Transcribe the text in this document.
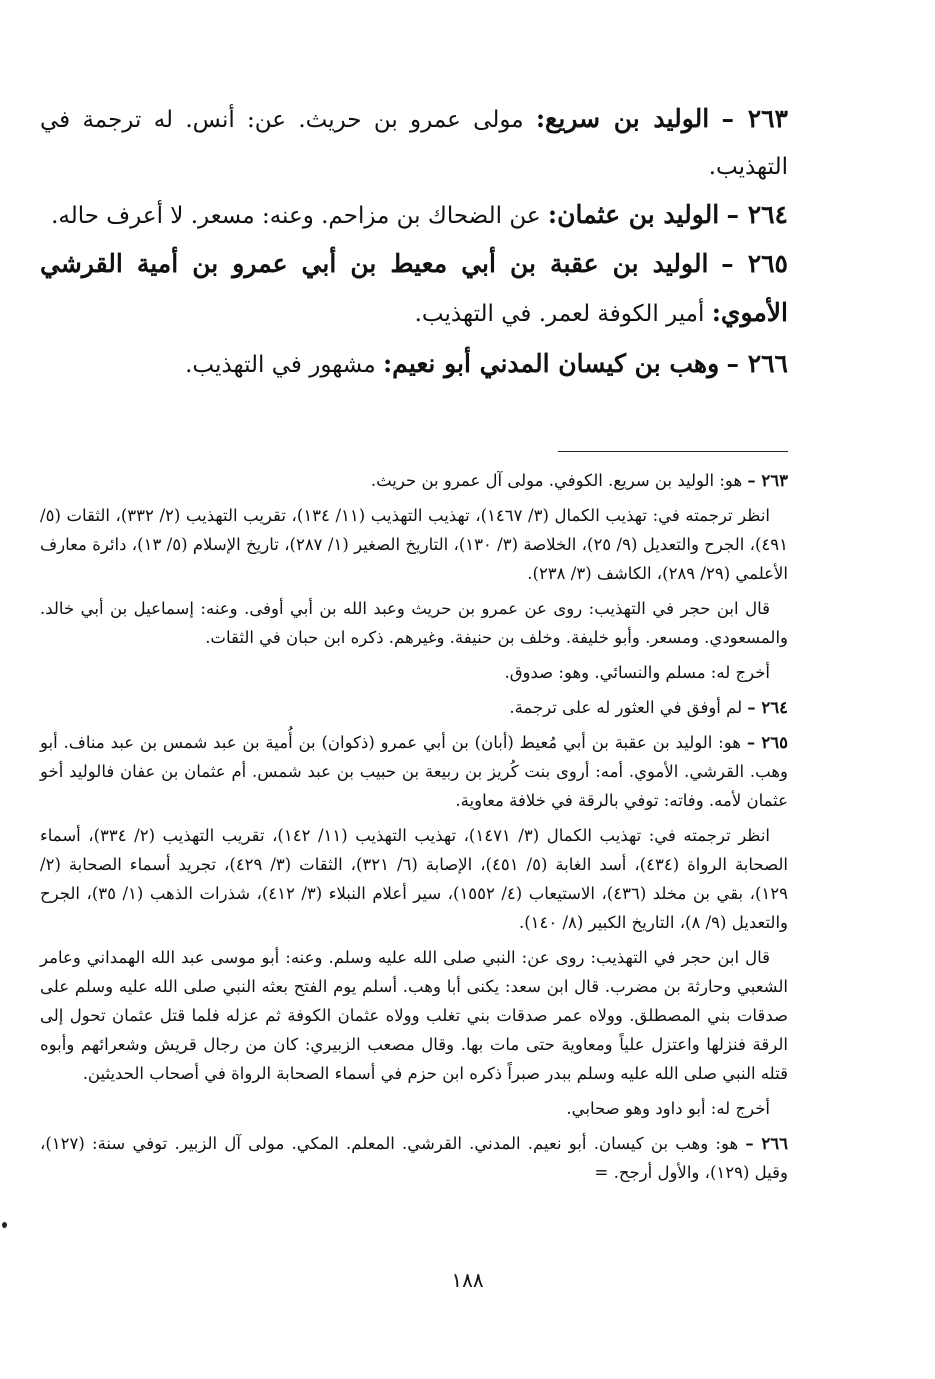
٢٦٣ – الوليد بن سريع: مولى عمرو بن حريث. عن: أنس. له ترجمة في التهذيب.

٢٦٤ – الوليد بن عثمان: عن الضحاك بن مزاحم. وعنه: مسعر. لا أعرف حاله.

٢٦٥ – الوليد بن عقبة بن أبي معيط بن أبي عمرو بن أمية القرشي الأموي: أمير الكوفة لعمر. في التهذيب.

٢٦٦ – وهب بن كيسان المدني أبو نعيم: مشهور في التهذيب.

٢٦٣ – هو: الوليد بن سريع. الكوفي. مولى آل عمرو بن حريث.

انظر ترجمته في: تهذيب الكمال (٣/ ١٤٦٧)، تهذيب التهذيب (١١/ ١٣٤)، تقريب التهذيب (٢/ ٣٣٢)، الثقات (٥/ ٤٩١)، الجرح والتعديل (٩/ ٢٥)، الخلاصة (٣/ ١٣٠)، التاريخ الصغير (١/ ٢٨٧)، تاريخ الإسلام (٥/ ١٣)، دائرة معارف الأعلمي (٢٩/ ٢٨٩)، الكاشف (٣/ ٢٣٨).

قال ابن حجر في التهذيب: روى عن عمرو بن حريث وعبد الله بن أبي أوفى. وعنه: إسماعيل بن أبي خالد. والمسعودي. ومسعر. وأبو خليفة. وخلف بن حنيفة. وغيرهم. ذكره ابن حبان في الثقات.

أخرج له: مسلم والنسائي. وهو: صدوق.

٢٦٤ – لم أوفق في العثور له على ترجمة.

٢٦٥ – هو: الوليد بن عقبة بن أبي مُعيط (أبان) بن أبي عمرو (ذكوان) بن أُمية بن عبد شمس بن عبد مناف. أبو وهب. القرشي. الأموي. أمه: أروى بنت كُريز بن ربيعة بن حبيب بن عبد شمس. أم عثمان بن عفان فالوليد أخو عثمان لأمه. وفاته: توفي بالرقة في خلافة معاوية.

انظر ترجمته في: تهذيب الكمال (٣/ ١٤٧١)، تهذيب التهذيب (١١/ ١٤٢)، تقريب التهذيب (٢/ ٣٣٤)، أسماء الصحابة الرواة (٤٣٤)، أسد الغابة (٥/ ٤٥١)، الإصابة (٦/ ٣٢١)، الثقات (٣/ ٤٢٩)، تجريد أسماء الصحابة (٢/ ١٢٩)، بقي بن مخلد (٤٣٦)، الاستيعاب (٤/ ١٥٥٢)، سير أعلام النبلاء (٣/ ٤١٢)، شذرات الذهب (١/ ٣٥)، الجرح والتعديل (٩/ ٨)، التاريخ الكبير (٨/ ١٤٠).

قال ابن حجر في التهذيب: روى عن: النبي صلى الله عليه وسلم. وعنه: أبو موسى عبد الله الهمداني وعامر الشعبي وحارثة بن مضرب. قال ابن سعد: يكنى أبا وهب. أسلم يوم الفتح بعثه النبي صلى الله عليه وسلم على صدقات بني المصطلق. وولاه عمر صدقات بني تغلب وولاه عثمان الكوفة ثم عزله فلما قتل عثمان تحول إلى الرقة فنزلها واعتزل علياً ومعاوية حتى مات بها. وقال مصعب الزبيري: كان من رجال قريش وشعرائهم وأبوه قتله النبي صلى الله عليه وسلم ببدر صبراً ذكره ابن حزم في أسماء الصحابة الرواة في أصحاب الحديثين.

أخرج له: أبو داود وهو صحابي.

٢٦٦ – هو: وهب بن كيسان. أبو نعيم. المدني. القرشي. المعلم. المكي. مولى آل الزبير. توفي سنة: (١٢٧)، وقيل (١٢٩)، والأول أرجح. =

١٨٨
